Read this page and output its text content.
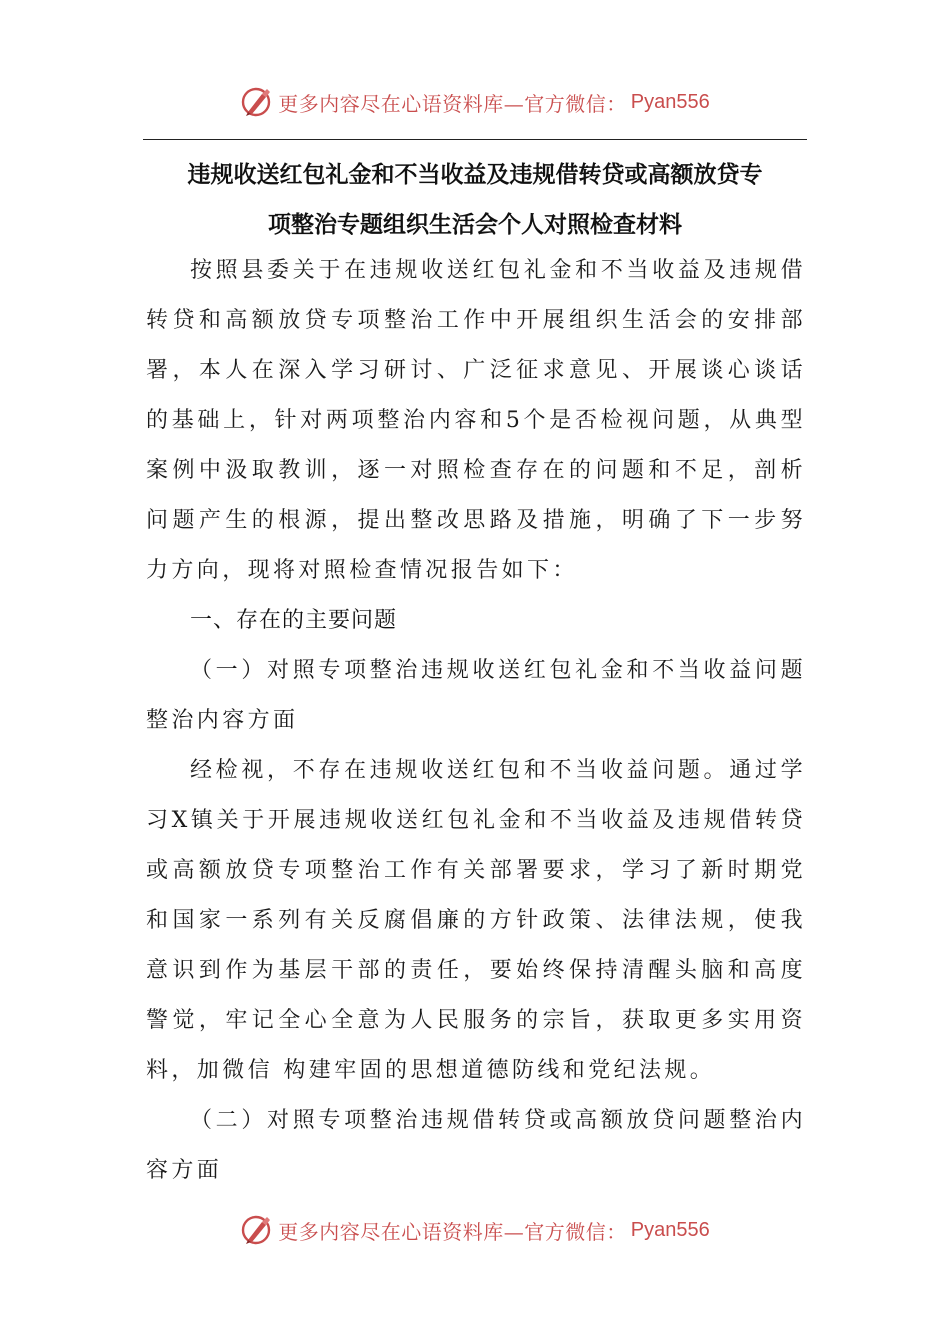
更多内容尽在心语资料库—官方微信： Pyan556
违规收送红包礼金和不当收益及违规借转贷或高额放贷专
项整治专题组织生活会个人对照检查材料

按照县委关于在违规收送红包礼金和不当收益及违规借转贷和高额放贷专项整治工作中开展组织生活会的安排部署，本人在深入学习研讨、广泛征求意见、开展谈心谈话的基础上，针对两项整治内容和5个是否检视问题，从典型案例中汲取教训，逐一对照检查存在的问题和不足，剖析问题产生的根源，提出整改思路及措施，明确了下一步努力方向，现将对照检查情况报告如下：

一、存在的主要问题

（一）对照专项整治违规收送红包礼金和不当收益问题整治内容方面

经检视，不存在违规收送红包和不当收益问题。通过学习X镇关于开展违规收送红包礼金和不当收益及违规借转贷或高额放贷专项整治工作有关部署要求，学习了新时期党和国家一系列有关反腐倡廉的方针政策、法律法规，使我意识到作为基层干部的责任，要始终保持清醒头脑和高度警觉，牢记全心全意为人民服务的宗旨，获取更多实用资料，加微信 构建牢固的思想道德防线和党纪法规。

（二）对照专项整治违规借转贷或高额放贷问题整治内容方面

更多内容尽在心语资料库—官方微信： Pyan556
